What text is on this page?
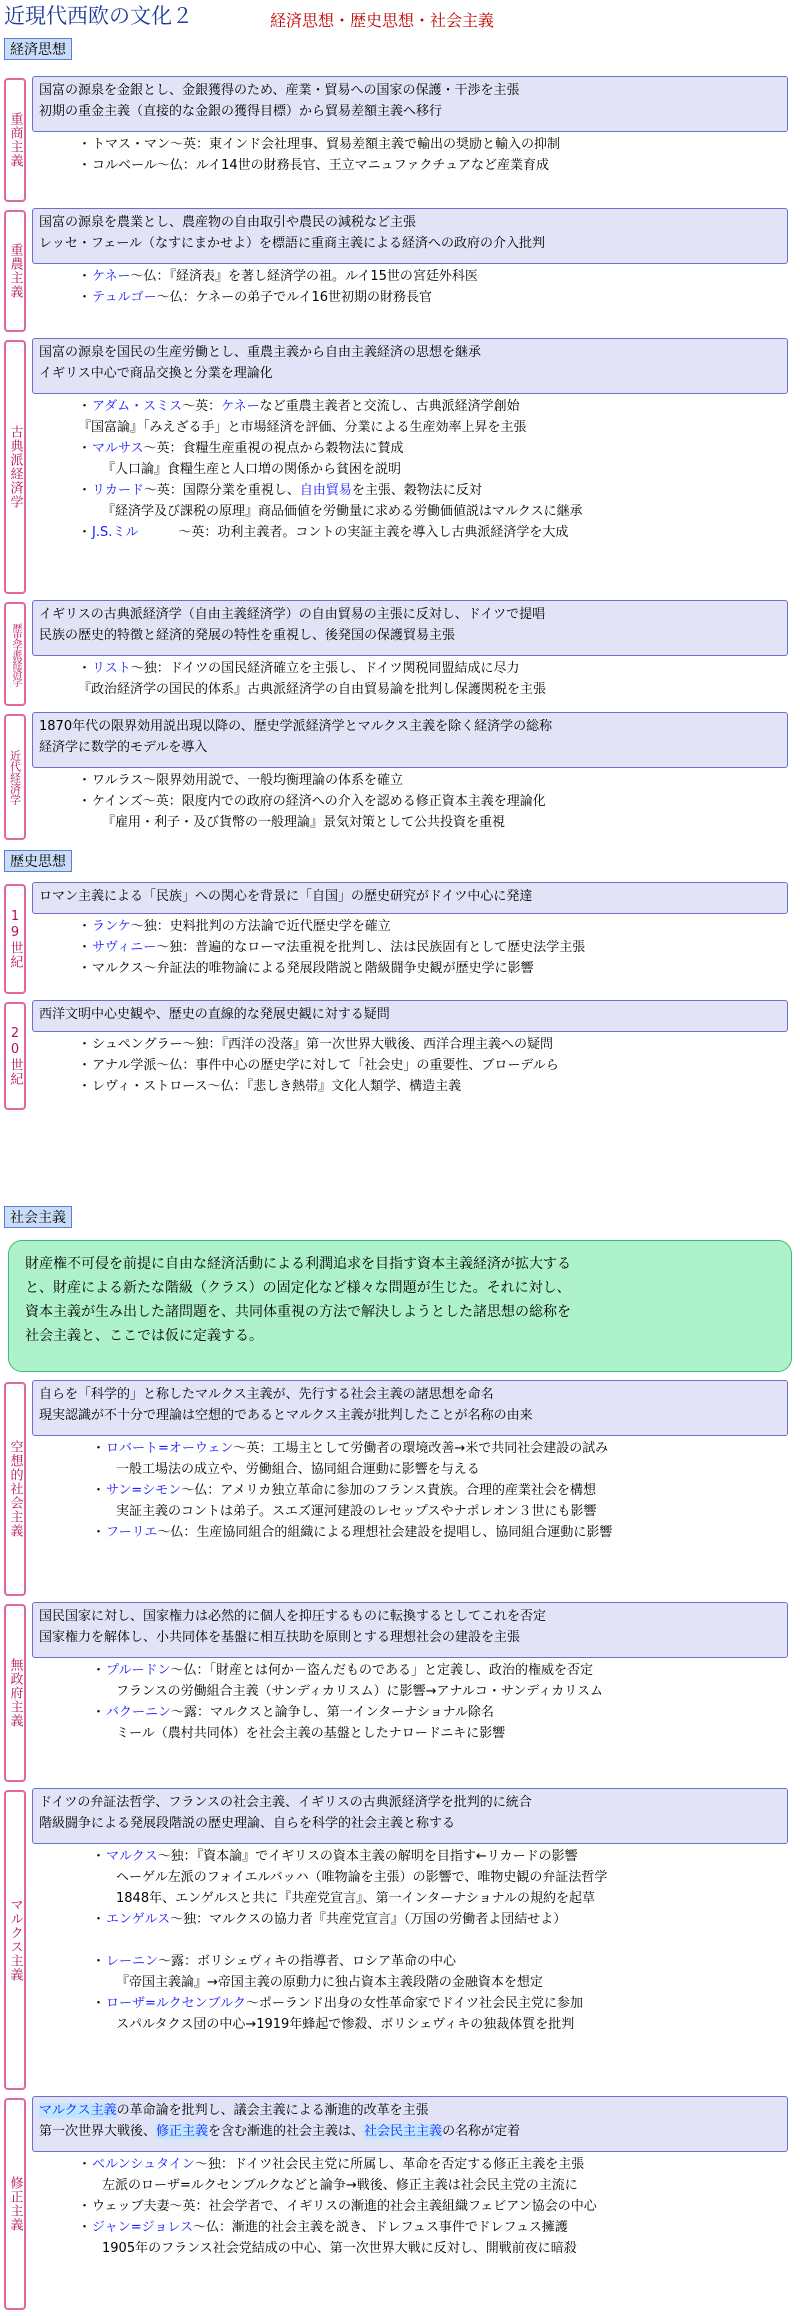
近現代西欧の文化２	経済思想・歴史思想・社会主義
経済思想
重商主義
国富の源泉を金銀とし、金銀獲得のため、産業・貿易への国家の保護・干渉を主張
初期の重金主義（直接的な金銀の獲得目標）から貿易差額主義へ移行
・トマス・マン～英：東インド会社理事、貿易差額主義で輸出の奨励と輸入の抑制
・コルベール～仏：ルイ14世の財務長官、王立マニュファクチュアなど産業育成
重農主義
国富の源泉を農業とし、農産物の自由取引や農民の減税など主張
レッセ・フェール（なすにまかせよ）を標語に重商主義による経済への政府の介入批判
・ケネー～仏：『経済表』を著し経済学の祖。ルイ15世の宮廷外科医
・テュルゴー～仏：ケネーの弟子でルイ16世初期の財務長官
古典派経済学
国富の源泉を国民の生産労働とし、重農主義から自由主義経済の思想を継承
イギリス中心で商品交換と分業を理論化
・アダム・スミス～英：ケネーなど重農主義者と交流し、古典派経済学創始
『国富論』「みえざる手」と市場経済を評価、分業による生産効率上昇を主張
・マルサス～英：食糧生産重視の視点から穀物法に賛成
『人口論』食糧生産と人口増の関係から貧困を説明
・リカード～英：国際分業を重視し、自由貿易を主張、穀物法に反対
『経済学及び課税の原理』商品価値を労働量に求める労働価値説はマルクスに継承
・J.S.ミル	～英：功利主義者。コントの実証主義を導入し古典派経済学を大成
歴史学派経済学
イギリスの古典派経済学（自由主義経済学）の自由貿易の主張に反対し、ドイツで提唱
民族の歴史的特徴と経済的発展の特性を重視し、後発国の保護貿易主張
・リスト～独：ドイツの国民経済確立を主張し、ドイツ関税同盟結成に尽力
『政治経済学の国民的体系』古典派経済学の自由貿易論を批判し保護関税を主張
近代経済学
1870年代の限界効用説出現以降の、歴史学派経済学とマルクス主義を除く経済学の総称
経済学に数学的モデルを導入
・ワルラス～限界効用説で、一般均衡理論の体系を確立
・ケインズ～英：限度内での政府の経済への介入を認める修正資本主義を理論化
『雇用・利子・及び貨幣の一般理論』景気対策として公共投資を重視
歴史思想
19世紀
ロマン主義による「民族」への関心を背景に「自国」の歴史研究がドイツ中心に発達
・ランケ～独：史料批判の方法論で近代歴史学を確立
・サヴィニー～独：普遍的なローマ法重視を批判し、法は民族固有として歴史法学主張
・マルクス～弁証法的唯物論による発展段階説と階級闘争史観が歴史学に影響
20世紀
西洋文明中心史観や、歴史の直線的な発展史観に対する疑問
・シュペングラー～独：『西洋の没落』第一次世界大戦後、西洋合理主義への疑問
・アナル学派～仏：事件中心の歴史学に対して「社会史」の重要性、ブローデルら
・レヴィ・ストロース～仏：『悲しき熱帯』文化人類学、構造主義
社会主義
財産権不可侵を前提に自由な経済活動による利潤追求を目指す資本主義経済が拡大する
と、財産による新たな階級（クラス）の固定化など様々な問題が生じた。それに対し、
資本主義が生み出した諸問題を、共同体重視の方法で解決しようとした諸思想の総称を
社会主義と、ここでは仮に定義する。
空想的社会主義
自らを「科学的」と称したマルクス主義が、先行する社会主義の諸思想を命名
現実認識が不十分で理論は空想的であるとマルクス主義が批判したことが名称の由来
・ロバート=オーウェン～英：工場主として労働者の環境改善→米で共同社会建設の試み
一般工場法の成立や、労働組合、協同組合運動に影響を与える
・サン=シモン～仏：アメリカ独立革命に参加のフランス貴族。合理的産業社会を構想
実証主義のコントは弟子。スエズ運河建設のレセップスやナポレオン３世にも影響
・フーリエ～仏：生産協同組合的組織による理想社会建設を提唱し、協同組合運動に影響
無政府主義
国民国家に対し、国家権力は必然的に個人を抑圧するものに転換するとしてこれを否定
国家権力を解体し、小共同体を基盤に相互扶助を原則とする理想社会の建設を主張
・プルードン～仏：「財産とは何か－盗んだものである」と定義し、政治的権威を否定
フランスの労働組合主義（サンディカリスム）に影響→アナルコ・サンディカリスム
・バクーニン～露：マルクスと論争し、第一インターナショナル除名
ミール（農村共同体）を社会主義の基盤としたナロードニキに影響
マルクス主義
ドイツの弁証法哲学、フランスの社会主義、イギリスの古典派経済学を批判的に統合
階級闘争による発展段階説の歴史理論、自らを科学的社会主義と称する
・マルクス～独：『資本論』でイギリスの資本主義の解明を目指す←リカードの影響
ヘーゲル左派のフォイエルバッハ（唯物論を主張）の影響で、唯物史観の弁証法哲学
1848年、エンゲルスと共に『共産党宣言』、第一インターナショナルの規約を起草
・エンゲルス～独：マルクスの協力者『共産党宣言』（万国の労働者よ団結せよ）
・レーニン～露：ボリシェヴィキの指導者、ロシア革命の中心
『帝国主義論』→帝国主義の原動力に独占資本主義段階の金融資本を想定
・ローザ=ルクセンブルク～ポーランド出身の女性革命家でドイツ社会民主党に参加
スパルタクス団の中心→1919年蜂起で惨殺、ボリシェヴィキの独裁体質を批判
修正主義
マルクス主義の革命論を批判し、議会主義による漸進的改革を主張
第一次世界大戦後、修正主義を含む漸進的社会主義は、社会民主主義の名称が定着
・ベルンシュタイン～独：ドイツ社会民主党に所属し、革命を否定する修正主義を主張
左派のローザ=ルクセンブルクなどと論争→戦後、修正主義は社会民主党の主流に
・ウェッブ夫妻～英：社会学者で、イギリスの漸進的社会主義組織フェビアン協会の中心
・ジャン=ジョレス～仏：漸進的社会主義を説き、ドレフュス事件でドレフュス擁護
1905年のフランス社会党結成の中心、第一次世界大戦に反対し、開戦前夜に暗殺
